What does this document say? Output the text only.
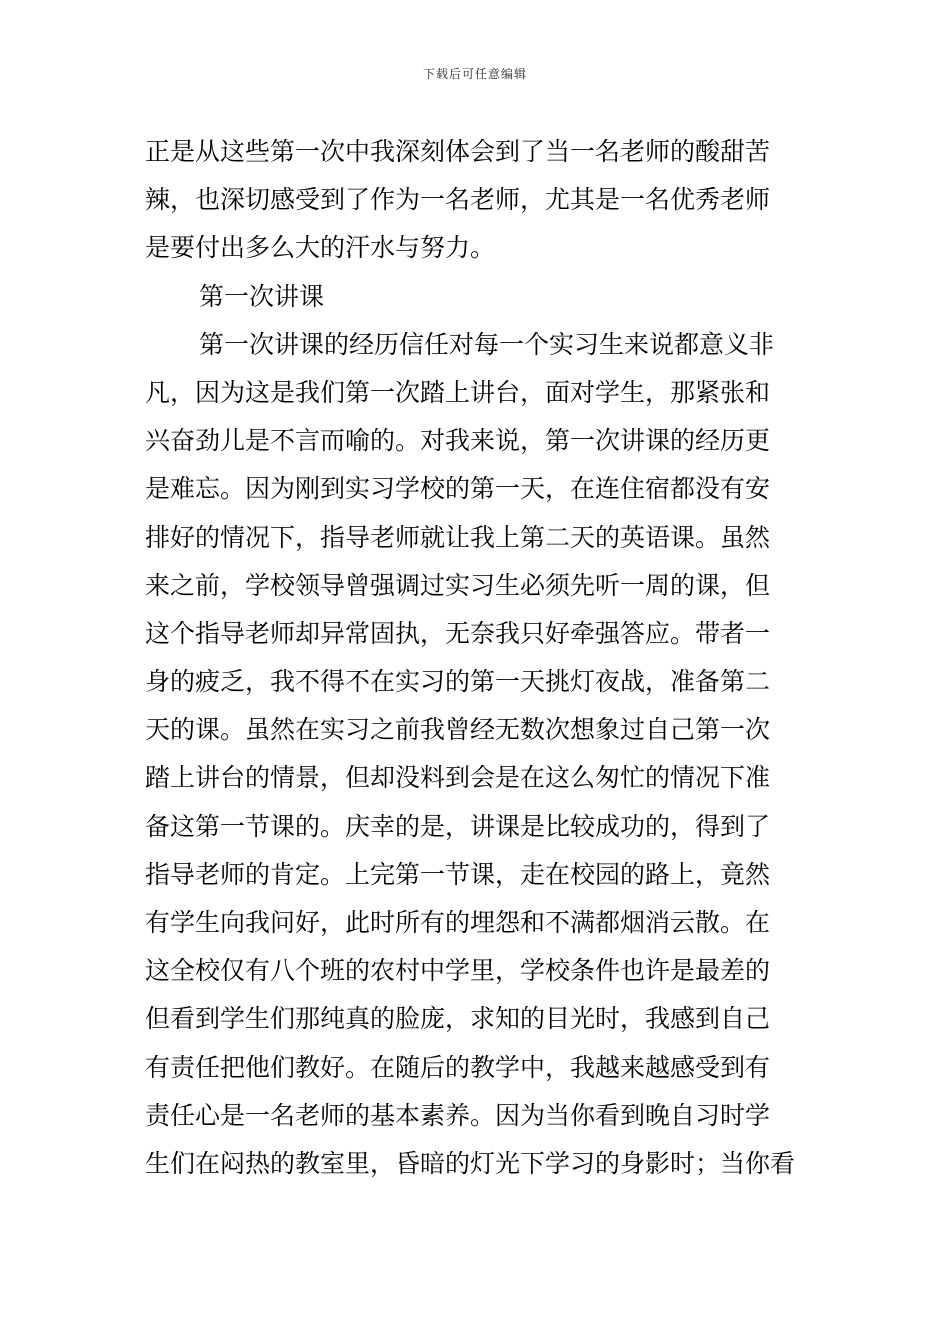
下载后可任意编辑
正是从这些第一次中我深刻体会到了当一名老师的酸甜苦
辣，也深切感受到了作为一名老师，尤其是一名优秀老师
是要付出多么大的汗水与努力。
第一次讲课
第一次讲课的经历信任对每一个实习生来说都意义非
凡，因为这是我们第一次踏上讲台，面对学生，那紧张和
兴奋劲儿是不言而喻的。对我来说，第一次讲课的经历更
是难忘。因为刚到实习学校的第一天，在连住宿都没有安
排好的情况下，指导老师就让我上第二天的英语课。虽然
来之前，学校领导曾强调过实习生必须先听一周的课，但
这个指导老师却异常固执，无奈我只好牵强答应。带者一
身的疲乏，我不得不在实习的第一天挑灯夜战，准备第二
天的课。虽然在实习之前我曾经无数次想象过自己第一次
踏上讲台的情景，但却没料到会是在这么匆忙的情况下准
备这第一节课的。庆幸的是，讲课是比较成功的，得到了
指导老师的肯定。上完第一节课，走在校园的路上，竟然
有学生向我问好，此时所有的埋怨和不满都烟消云散。在
这全校仅有八个班的农村中学里，学校条件也许是最差的
但看到学生们那纯真的脸庞，求知的目光时，我感到自己
有责任把他们教好。在随后的教学中，我越来越感受到有
责任心是一名老师的基本素养。因为当你看到晚自习时学
生们在闷热的教室里，昏暗的灯光下学习的身影时；当你看
